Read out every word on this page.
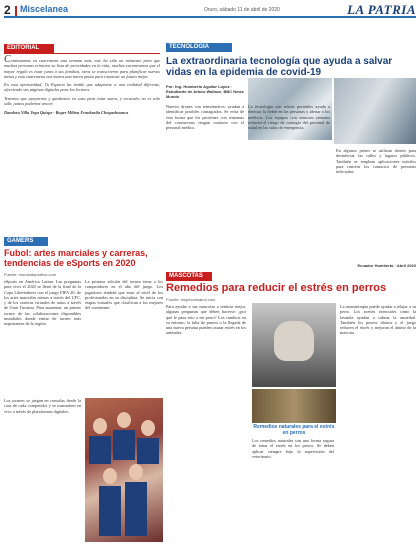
2 Miscelanea	Oruro, sábado 11 de abril de 2020	LA PATRIA
EDITORIAL

Continuamos en cuarentena una semana más, este ha sido un momento para que muchas personas reinicien su lista de prioridades en la vida, muchos encontramos que el mayor regalo es estar junto a sus familias, otros se transcrieron para planificar nuevas metas y esta cuarentena nos marca una nueva pauta para construir un futuro mejor.

En esta oportunidad, Tu Espacio ha tenido que adaptarse a una realidad diferente, ofreciendo sus páginas digitales para los lectores.

Tenemos que apoyarnos y quedarnos en casa para estar sanos, y recuerda, no es solo salir, juntos podemos vencer.

Dandora Villa Vega Quispe · Roger Milton Frankraila Choquehuanca

GAMERS
Fubol: artes marciales y carreras, tendencias de eSports en 2020
Fuente: mundodeportivo.com
eSports en América Latina. Las preguntas para vivir el 2020 se llenó de la final de la Copa Libertadores con el juego FIFA 20; de los artes marciales mixtas a través del UFC, y de los carreras virtuales de autos a través de Gran Turismo. Para aumentar, un primer torneo de las colaboraciones disponibles mundiales donde entrar de torneo más importantes de la región.
La primera edición del torneo tiene a los competidores en el año del juego. Los jugadores tendrán que estar al nivel de los profesionales en su disciplina. Se inicia con etapas virtuales que clasifican a los mejores del continente.
Los torneos se juegan en consolas desde la casa de cada competidor y se transmiten en vivo a través de plataformas digitales.
TECNOLOGÍA
La extraordinaria tecnología que ayuda a salvar vidas en la epidemia de covid-19
Por: Ing. Humberto Aguilar López · Estudiante de Arturo Wallace, BBC News Mundo
Nuevos drones con termómetros: ayudan a identificar posibles contagiados. Se evita de esta forma que los pacientes con síntomas del coronavirus tengan contacto con el personal médico.
La tecnología con robots portátiles ayuda a detectar la fiebre en las personas y alertar a los médicos. Los equipos con sensores remotos reducen el riesgo de contagio del personal de salud en las salas de emergencia.
En algunos países se utilizan drones para desinfectar las calles y lugares públicos. También se emplean aplicaciones móviles para rastrear los contactos de personas infectadas.
Ecuador Humberto · Abril 2020
MASCOTAS
Remedios para reducir el estrés en perros
Fuente: mejorconsalud.com
Para ayudar a sus mascotas a sentirse mejor, algunas preguntas que deben hacerse: ¿por qué le pasa esto a mi perro? Los cambios en su entorno, la falta de paseos o la llegada de una nueva persona pueden causar estrés en los animales.
Remedios naturales para el estrés en perros
Los remedios naturales son una forma segura de tratar el estrés en los perros. Se deben aplicar siempre bajo la supervisión del veterinario.
La aromaterapia puede ayudar a relajar a su perro. Los aceites esenciales como la lavanda ayudan a calmar la ansiedad. También los paseos diarios y el juego reducen el estrés y mejoran el ánimo de la mascota.
